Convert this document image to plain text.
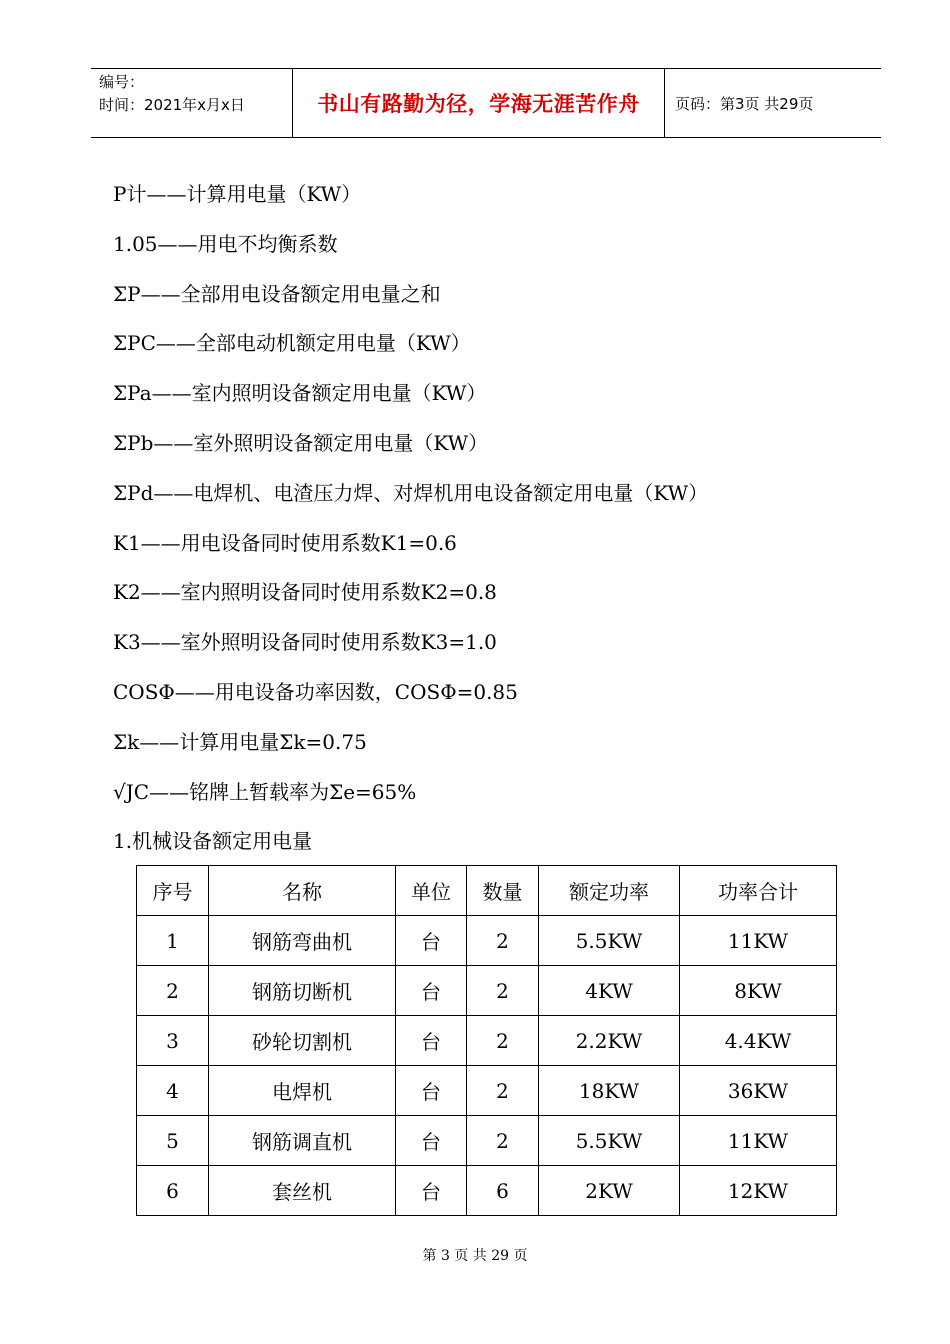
编号：
时间：2021年x月x日	书山有路勤为径，学海无涯苦作舟	页码：第3页 共29页
P计——计算用电量（KW）
1.05——用电不均衡系数
ΣP——全部用电设备额定用电量之和
ΣPC——全部电动机额定用电量（KW）
ΣPa——室内照明设备额定用电量（KW）
ΣPb——室外照明设备额定用电量（KW）
ΣPd——电焊机、电渣压力焊、对焊机用电设备额定用电量（KW）
K1——用电设备同时使用系数K1=0.6
K2——室内照明设备同时使用系数K2=0.8
K3——室外照明设备同时使用系数K3=1.0
COSΦ——用电设备功率因数，COSΦ=0.85
Σk——计算用电量Σk=0.75
√JC——铭牌上暂载率为Σe=65%
1.机械设备额定用电量
序号	名称	单位	数量	额定功率	功率合计
1	钢筋弯曲机	台	2	5.5KW	11KW
2	钢筋切断机	台	2	4KW	8KW
3	砂轮切割机	台	2	2.2KW	4.4KW
4	电焊机	台	2	18KW	36KW
5	钢筋调直机	台	2	5.5KW	11KW
6	套丝机	台	6	2KW	12KW
第 3 页 共 29 页
